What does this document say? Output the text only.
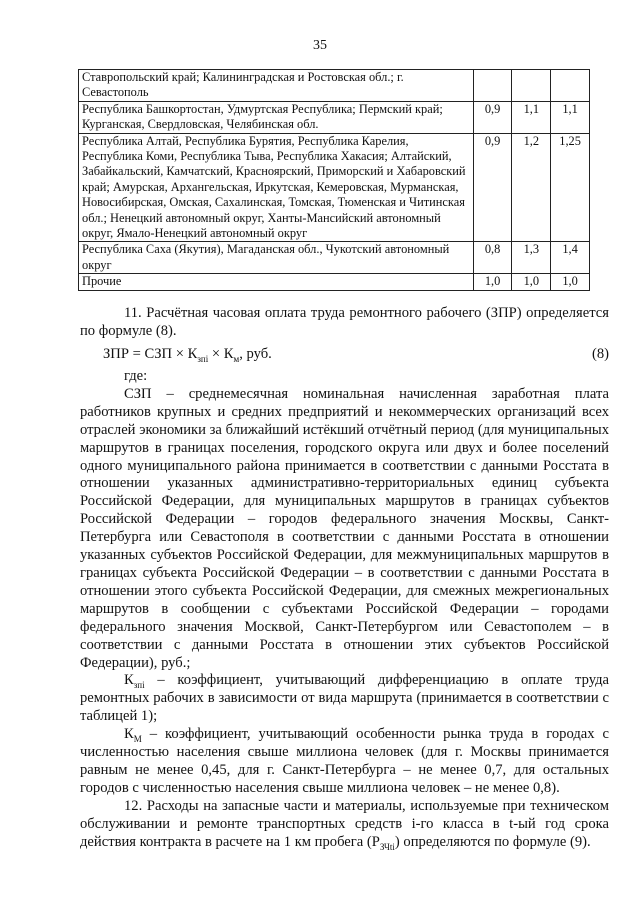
35
Ставропольский край; Калининградская и Ростовская обл.; г. Севастополь			
Республика Башкортостан, Удмуртская Республика; Пермский край; Курганская, Свердловская, Челябинская обл.	0,9	1,1	1,1
Республика Алтай, Республика Бурятия, Республика Карелия, Республика Коми, Республика Тыва, Республика Хакасия; Алтайский, Забайкальский, Камчатский, Красноярский, Приморский и Хабаровский край; Амурская, Архангельская, Иркутская, Кемеровская, Мурманская, Новосибирская, Омская, Сахалинская, Томская, Тюменская и Читинская обл.; Ненецкий автономный округ, Ханты-Мансийский автономный округ, Ямало-Ненецкий автономный округ	0,9	1,2	1,25
Республика Саха (Якутия), Магаданская обл., Чукотский автономный округ	0,8	1,3	1,4
Прочие	1,0	1,0	1,0

11. Расчётная часовая оплата труда ремонтного рабочего (ЗПР) определяется по формуле (8).

ЗПР = СЗП × $К_{зпi} \times К_м$, руб.	(8)

где:

СЗП – среднемесячная номинальная начисленная заработная плата работников крупных и средних предприятий и некоммерческих организаций всех отраслей экономики за ближайший истёкший отчётный период (для муниципальных маршрутов в границах поселения, городского округа или двух и более поселений одного муниципального района принимается в соответствии с данными Росстата в отношении указанных административно-территориальных единиц субъекта Российской Федерации, для муниципальных маршрутов в границах субъектов Российской Федерации – городов федерального значения Москвы, Санкт-Петербурга или Севастополя в соответствии с данными Росстата в отношении указанных субъектов Российской Федерации, для межмуниципальных маршрутов в границах субъекта Российской Федерации – в соответствии с данными Росстата в отношении этого субъекта Российской Федерации, для смежных межрегиональных маршрутов в сообщении с субъектами Российской Федерации – городами федерального значения Москвой, Санкт-Петербургом или Севастополем – в соответствии с данными Росстата в отношении этих субъектов Российской Федерации), руб.;

$К_{зпi}$ – коэффициент, учитывающий дифференциацию в оплате труда ремонтных рабочих в зависимости от вида маршрута (принимается в соответствии с таблицей 1);

$К_М$ – коэффициент, учитывающий особенности рынка труда в городах с численностью населения свыше миллиона человек (для г. Москвы принимается равным не менее 0,45, для г. Санкт-Петербурга – не менее 0,7, для остальных городов с численностью населения свыше миллиона человек – не менее 0,8).

12. Расходы на запасные части и материалы, используемые при техническом обслуживании и ремонте транспортных средств i-го класса в t-ый год срока действия контракта в расчете на 1 км пробега $(Р_{ЗЧti})$ определяются по формуле (9).
